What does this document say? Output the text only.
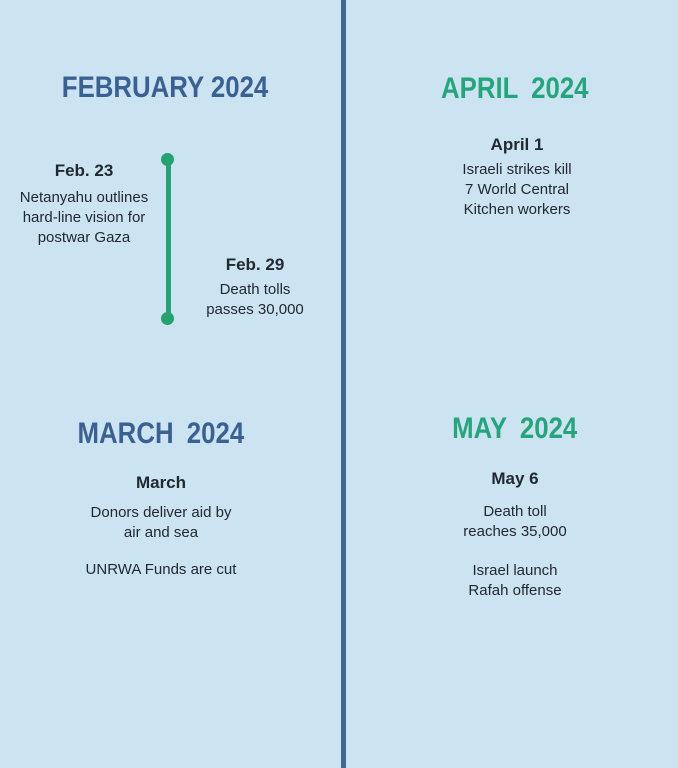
FEBRUARY 2024
Feb. 23
Netanyahu outlines
hard-line vision for
postwar Gaza
Feb. 29
Death tolls
passes 30,000
APRIL 2024
April 1
Israeli strikes kill
7 World Central
Kitchen workers
MARCH 2024
March
Donors deliver aid by
air and sea
UNRWA Funds are cut
MAY 2024
May 6
Death toll
reaches 35,000
Israel launch
Rafah offense
